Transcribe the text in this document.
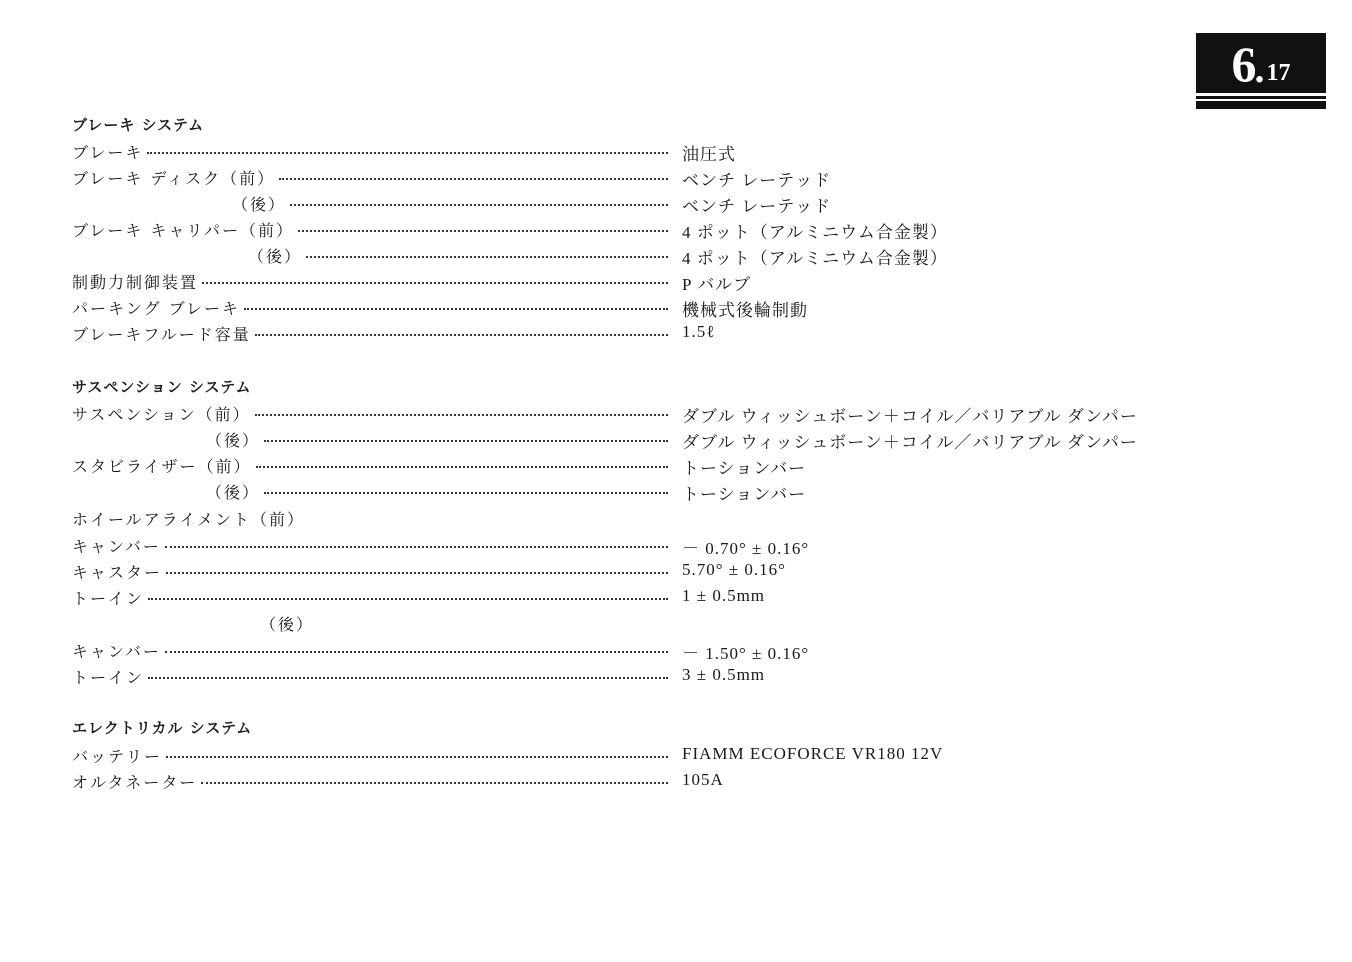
6 . 17
ブレーキ システム
ブレーキ	油圧式
ブレーキ ディスク（前）	ベンチ レーテッド
（後）	ベンチ レーテッド
ブレーキ キャリパー（前）	4 ポット（アルミニウム合金製）
（後）	4 ポット（アルミニウム合金製）
制動力制御装置	P バルブ
パーキング ブレーキ	機械式後輪制動
ブレーキフルード容量	1.5ℓ
サスペンション システム
サスペンション（前）	ダブル ウィッシュボーン＋コイル／バリアブル ダンパー
（後）	ダブル ウィッシュボーン＋コイル／バリアブル ダンパー
スタビライザー（前）	トーションバー
（後）	トーションバー
ホイールアライメント（前）
キャンバー	－ 0.70° ± 0.16°
キャスター	5.70° ± 0.16°
トーイン	1 ± 0.5mm
（後）
キャンバー	－ 1.50° ± 0.16°
トーイン	3 ± 0.5mm
エレクトリカル システム
バッテリー	FIAMM ECOFORCE VR180 12V
オルタネーター	105A
